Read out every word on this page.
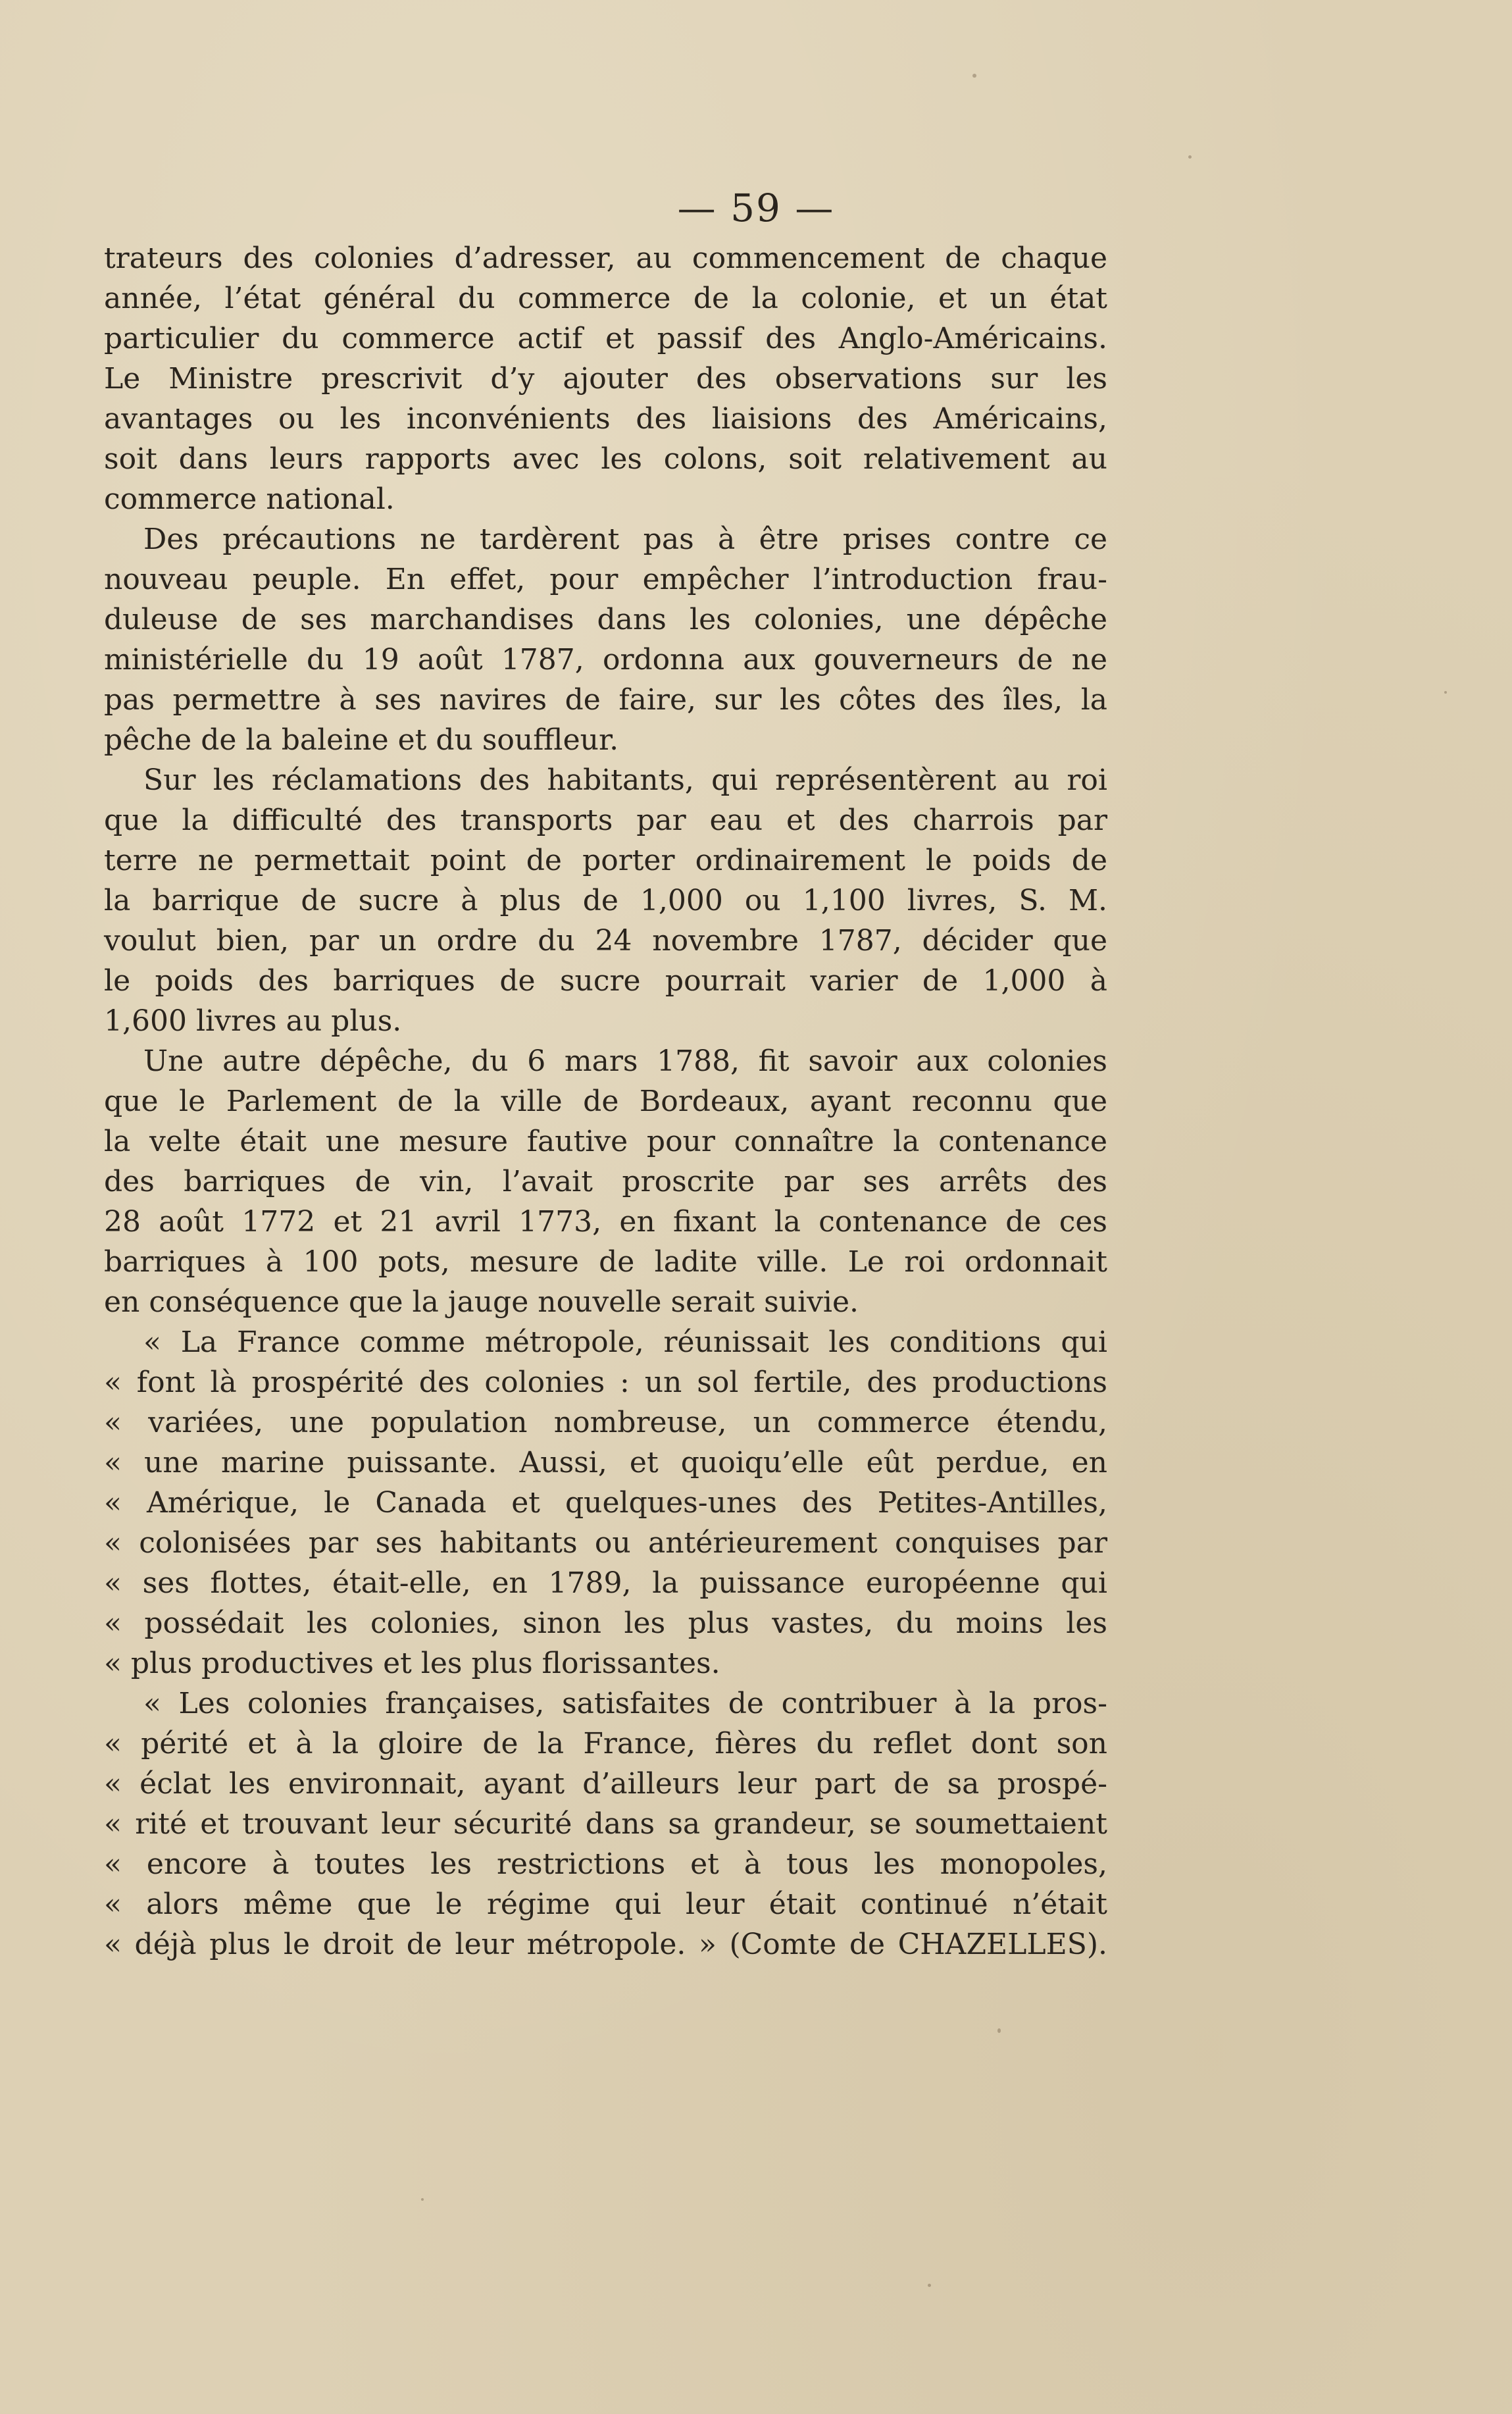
— 59 —
trateurs des colonies d’adresser, au commencement de chaque
année, l’état général du commerce de la colonie, et un état
particulier du commerce actif et passif des Anglo-Américains.
Le Ministre prescrivit d’y ajouter des observations sur les
avantages ou les inconvénients des liaisions des Américains,
soit dans leurs rapports avec les colons, soit relativement au
commerce national.
Des précautions ne tardèrent pas à être prises contre ce
nouveau peuple. En effet, pour empêcher l’introduction frau-
duleuse de ses marchandises dans les colonies, une dépêche
ministérielle du 19 août 1787, ordonna aux gouverneurs de ne
pas permettre à ses navires de faire, sur les côtes des îles, la
pêche de la baleine et du souffleur.
Sur les réclamations des habitants, qui représentèrent au roi
que la difficulté des transports par eau et des charrois par
terre ne permettait point de porter ordinairement le poids de
la barrique de sucre à plus de 1,000 ou 1,100 livres, S. M.
voulut bien, par un ordre du 24 novembre 1787, décider que
le poids des barriques de sucre pourrait varier de 1,000 à
1,600 livres au plus.
Une autre dépêche, du 6 mars 1788, fit savoir aux colonies
que le Parlement de la ville de Bordeaux, ayant reconnu que
la velte était une mesure fautive pour connaître la contenance
des barriques de vin, l’avait proscrite par ses arrêts des
28 août 1772 et 21 avril 1773, en fixant la contenance de ces
barriques à 100 pots, mesure de ladite ville. Le roi ordonnait
en conséquence que la jauge nouvelle serait suivie.
« La France comme métropole, réunissait les conditions qui
« font là prospérité des colonies : un sol fertile, des productions
« variées, une population nombreuse, un commerce étendu,
« une marine puissante. Aussi, et quoiqu’elle eût perdue, en
« Amérique, le Canada et quelques-unes des Petites-Antilles,
« colonisées par ses habitants ou antérieurement conquises par
« ses flottes, était-elle, en 1789, la puissance européenne qui
« possédait les colonies, sinon les plus vastes, du moins les
« plus productives et les plus florissantes.
« Les colonies françaises, satisfaites de contribuer à la pros-
« périté et à la gloire de la France, fières du reflet dont son
« éclat les environnait, ayant d’ailleurs leur part de sa prospé-
« rité et trouvant leur sécurité dans sa grandeur, se soumettaient
« encore à toutes les restrictions et à tous les monopoles,
« alors même que le régime qui leur était continué n’était
« déjà plus le droit de leur métropole. » (Comte de CHAZELLES).
